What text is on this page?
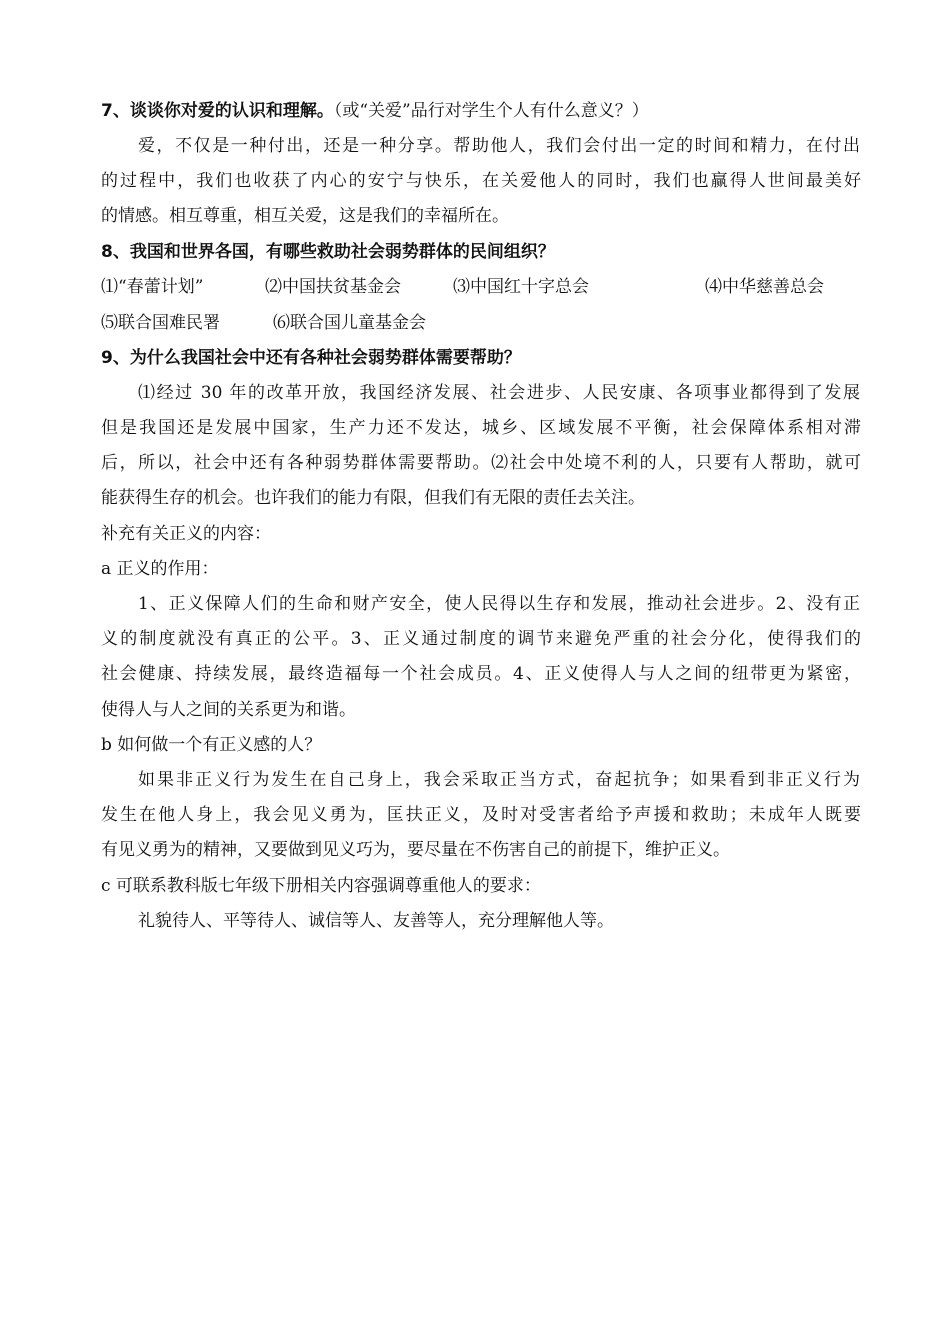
7、谈谈你对爱的认识和理解。（或“关爱”品行对学生个人有什么意义？）
爱，不仅是一种付出，还是一种分享。帮助他人，我们会付出一定的时间和精力，在付出
的过程中，我们也收获了内心的安宁与快乐，在关爱他人的同时，我们也赢得人世间最美好
的情感。相互尊重，相互关爱，这是我们的幸福所在。
8、我国和世界各国，有哪些救助社会弱势群体的民间组织？
⑴“春蕾计划”	⑵中国扶贫基金会	⑶中国红十字总会	⑷中华慈善总会
⑸联合国难民署	⑹联合国儿童基金会
9、为什么我国社会中还有各种社会弱势群体需要帮助？
⑴经过 30 年的改革开放，我国经济发展、社会进步、人民安康、各项事业都得到了发展
但是我国还是发展中国家，生产力还不发达，城乡、区域发展不平衡，社会保障体系相对滞
后，所以，社会中还有各种弱势群体需要帮助。⑵社会中处境不利的人，只要有人帮助，就可
能获得生存的机会。也许我们的能力有限，但我们有无限的责任去关注。
补充有关正义的内容：
a 正义的作用：
1、正义保障人们的生命和财产安全，使人民得以生存和发展，推动社会进步。2、没有正
义的制度就没有真正的公平。3、正义通过制度的调节来避免严重的社会分化，使得我们的
社会健康、持续发展，最终造福每一个社会成员。4、正义使得人与人之间的纽带更为紧密，
使得人与人之间的关系更为和谐。
b 如何做一个有正义感的人？
如果非正义行为发生在自己身上，我会采取正当方式，奋起抗争；如果看到非正义行为
发生在他人身上，我会见义勇为，匡扶正义，及时对受害者给予声援和救助；未成年人既要
有见义勇为的精神，又要做到见义巧为，要尽量在不伤害自己的前提下，维护正义。
c 可联系教科版七年级下册相关内容强调尊重他人的要求：
礼貌待人、平等待人、诚信等人、友善等人，充分理解他人等。
